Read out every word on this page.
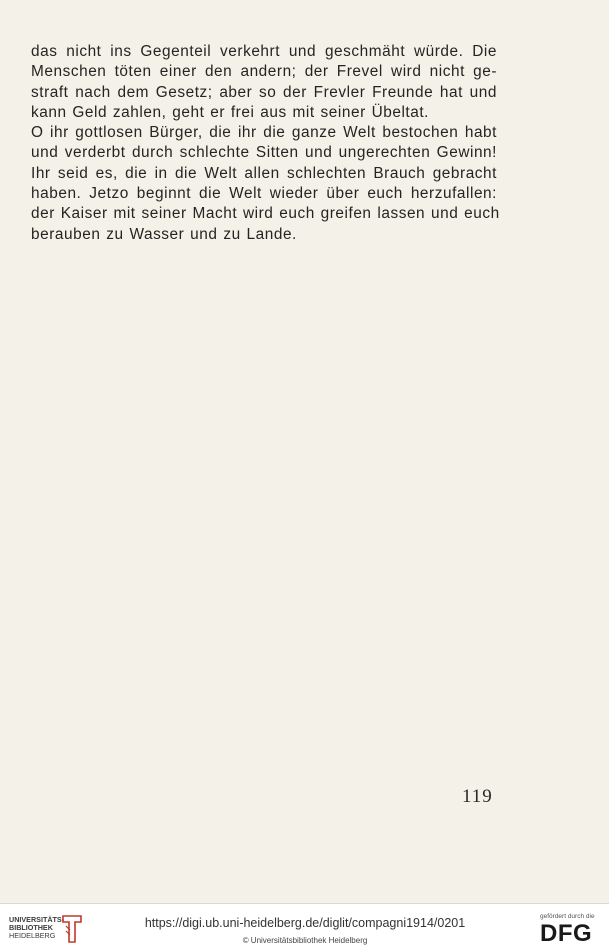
das nicht ins Gegenteil verkehrt und geschmäht würde. Die
Menschen töten einer den andern; der Frevel wird nicht ge-
straft nach dem Gesetz; aber so der Frevler Freunde hat und
kann Geld zahlen, geht er frei aus mit seiner Übeltat.
O ihr gottlosen Bürger, die ihr die ganze Welt bestochen habt
und verderbt durch schlechte Sitten und ungerechten Gewinn!
Ihr seid es, die in die Welt allen schlechten Brauch gebracht
haben. Jetzo beginnt die Welt wieder über euch herzufallen:
der Kaiser mit seiner Macht wird euch greifen lassen und euch
berauben zu Wasser und zu Lande.
119
UNIVERSITÄTS-
BIBLIOTHEK
HEIDELBERG
https://digi.ub.uni-heidelberg.de/diglit/compagni1914/0201
© Universitätsbibliothek Heidelberg
gefördert durch die
DFG
